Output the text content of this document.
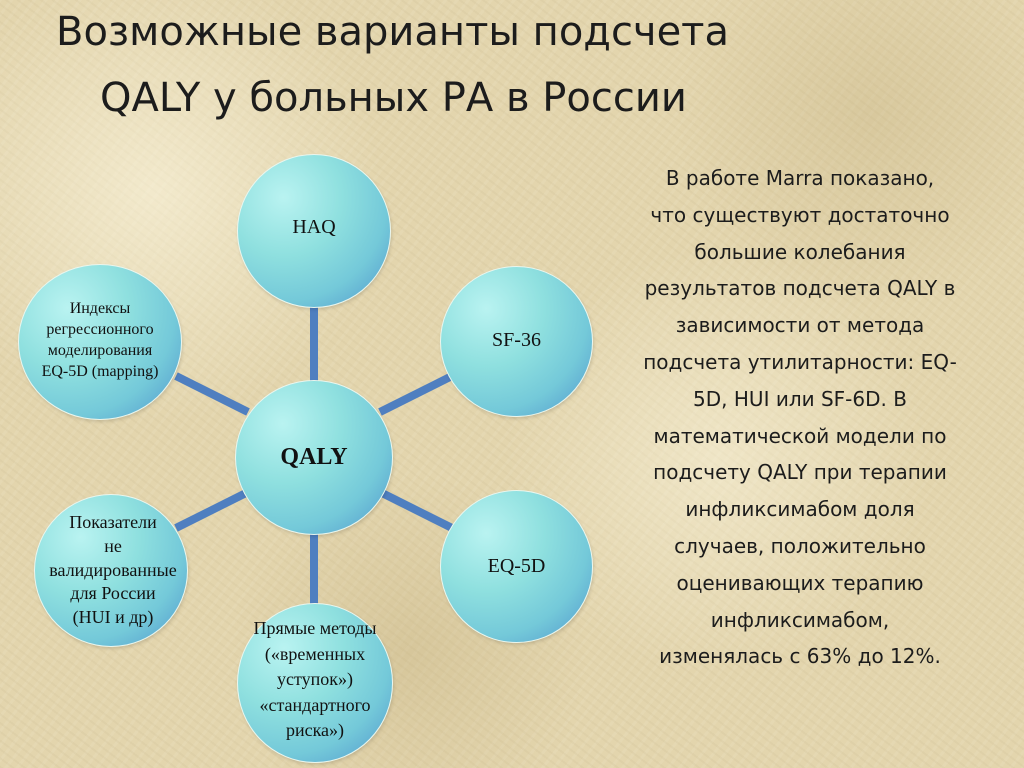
Возможные варианты подсчета
QALY у больных РА в России
HAQ
SF-36
QALY
EQ-5D
Индексы
регрессионного
моделирования
EQ-5D (mapping)
Показатели
не валидированные
для России
(HUI и др)
Прямые методы
(«временных уступок»)
«стандартного риска»)

В работе Marra показано,
что существуют достаточно
большие колебания
результатов подсчета QALY в
зависимости от метода
подсчета утилитарности: EQ-
5D, HUI или SF-6D. В
математической модели по
подсчету QALY при терапии
инфликсимабом доля
случаев, положительно
оценивающих терапию
инфликсимабом,
изменялась с 63% до 12%.
